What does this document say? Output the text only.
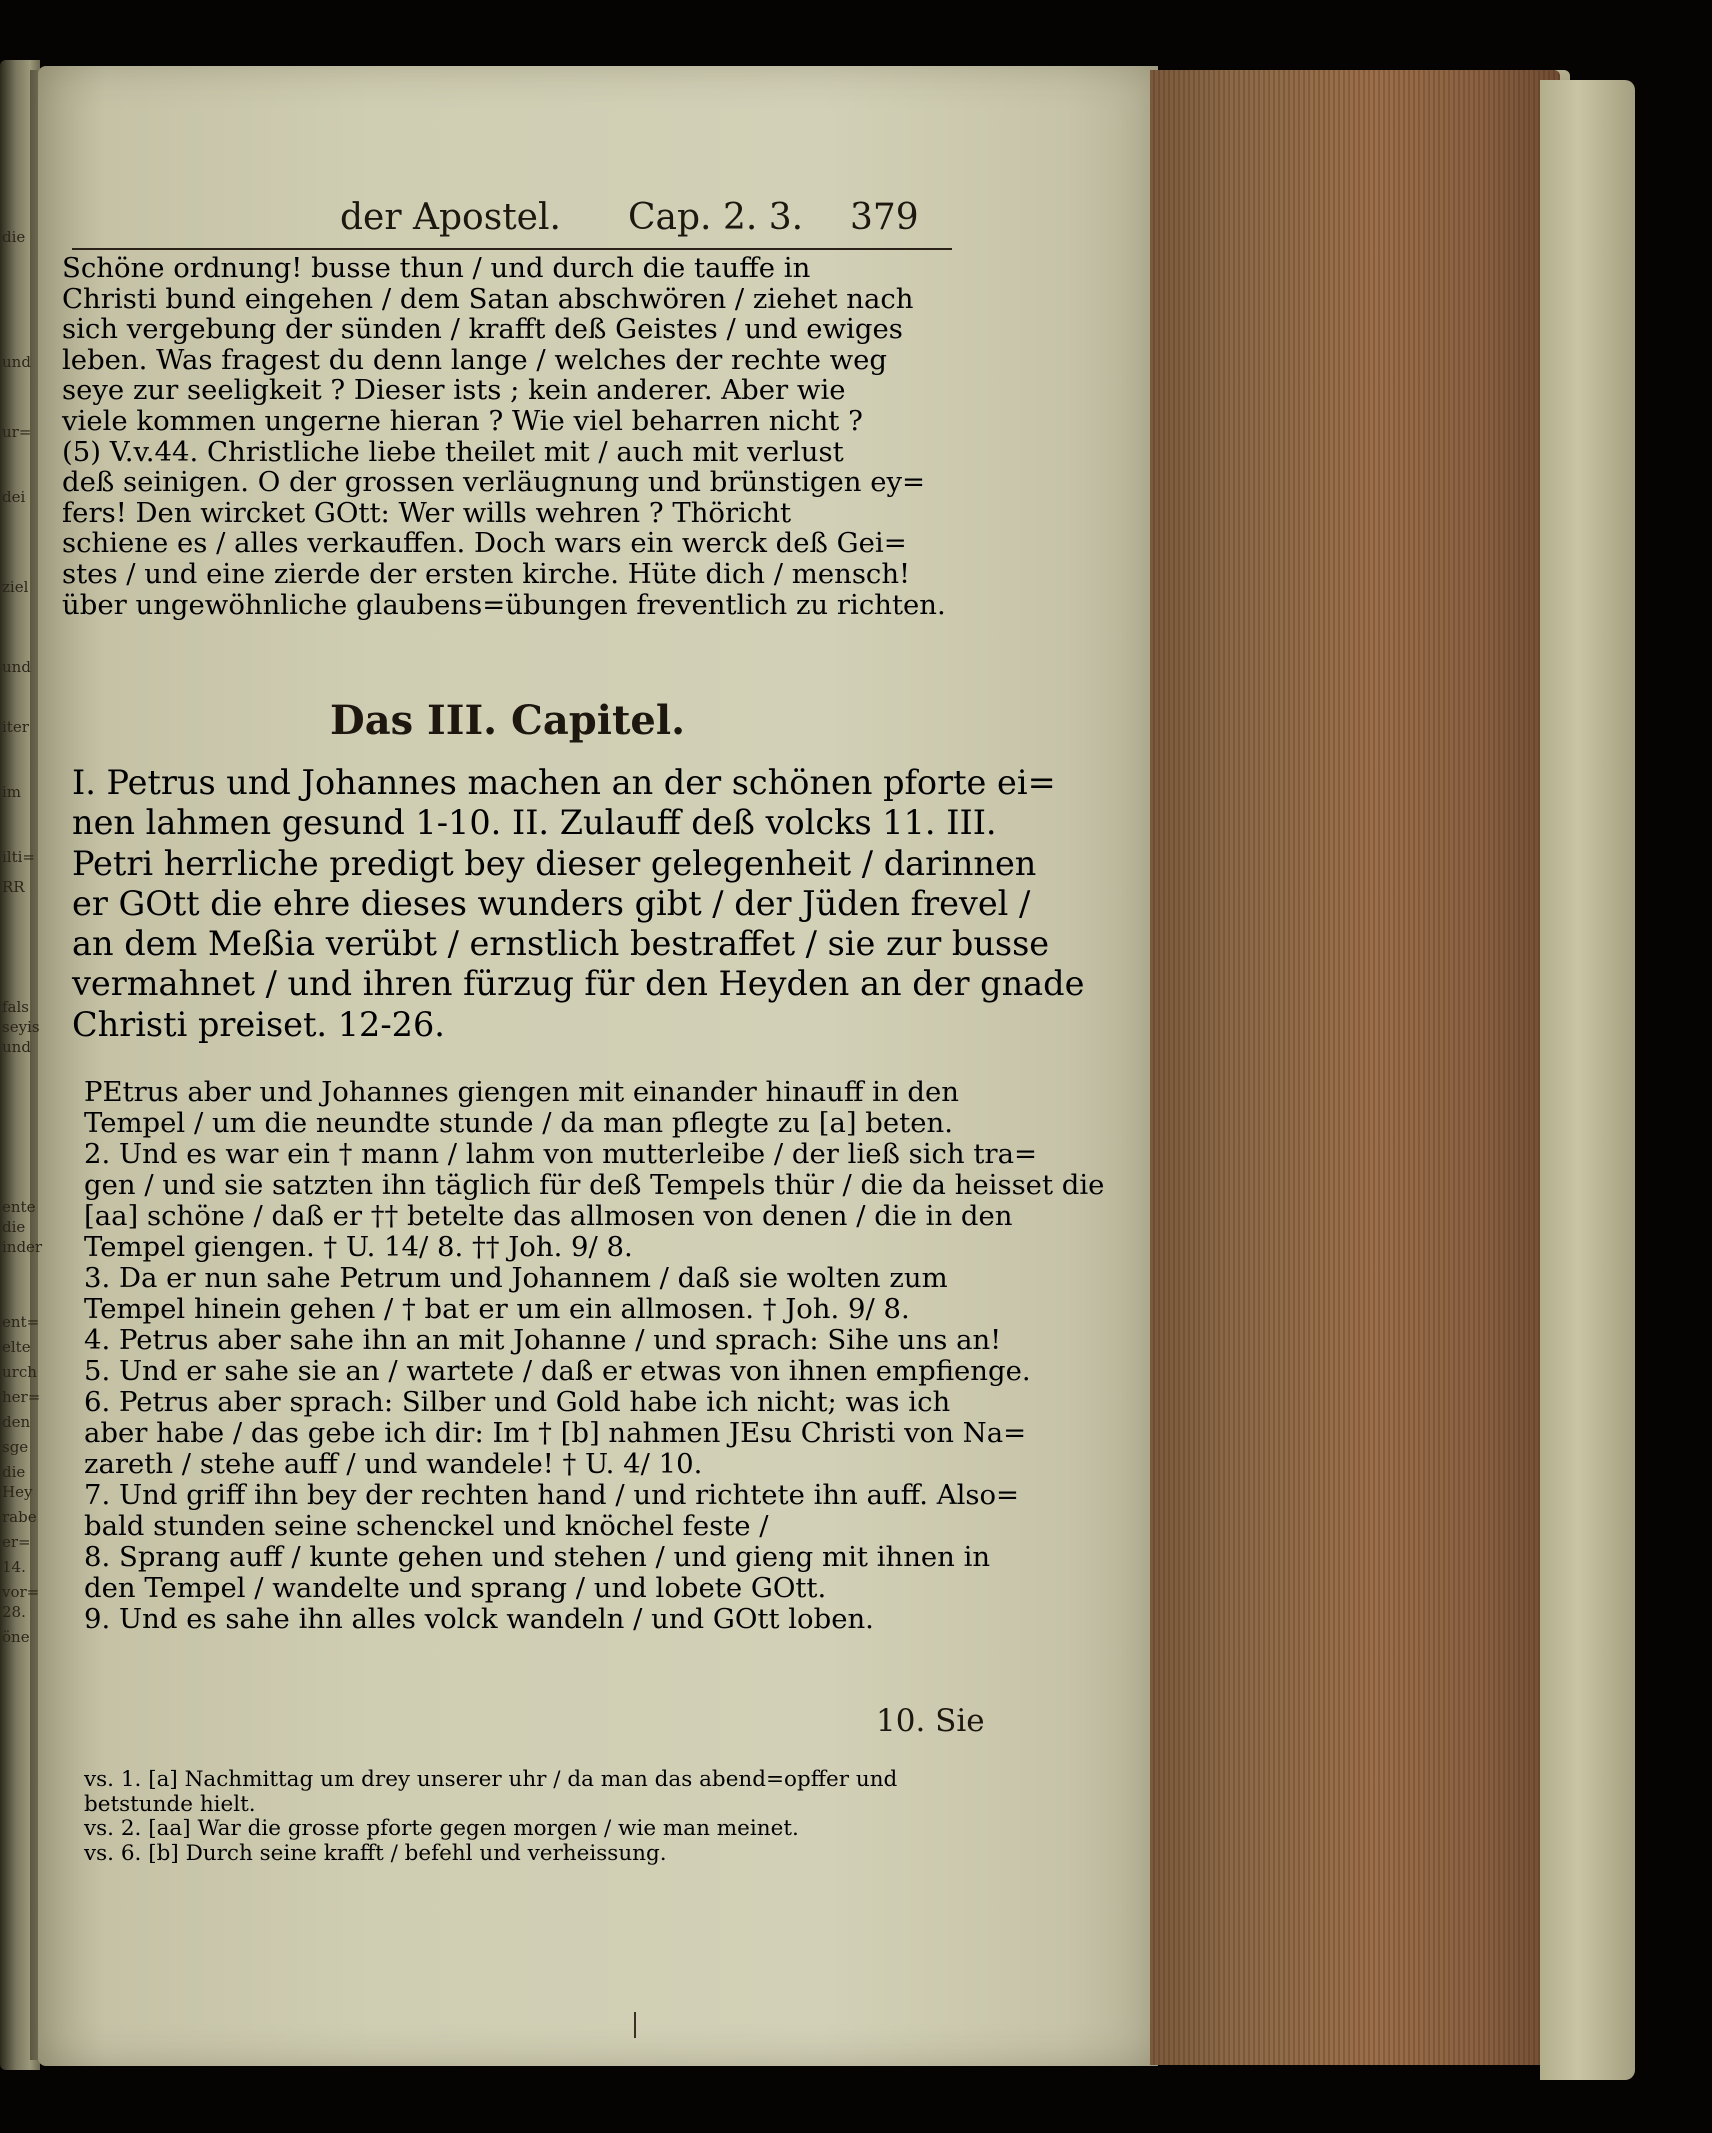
die
und
ur=
dei
ziel
und
iter
im
ilti=
RR
fals
seyis
und
ente
die
inder
ent=
elte
urch
her=
den
sge
die
Hey
rabe
er=
14.
vor=
28.
öne
der Apostel. Cap. 2. 3. 379
Schöne ordnung! busse thun / und durch die tauffe in
Christi bund eingehen / dem Satan abschwören / ziehet nach
sich vergebung der sünden / krafft deß Geistes / und ewiges
leben. Was fragest du denn lange / welches der rechte weg
seye zur seeligkeit ? Dieser ists ; kein anderer. Aber wie
viele kommen ungerne hieran ? Wie viel beharren nicht ?
(5) V.v.44. Christliche liebe theilet mit / auch mit verlust
deß seinigen. O der grossen verläugnung und brünstigen ey=
fers! Den wircket GOtt: Wer wills wehren ? Thöricht
schiene es / alles verkauffen. Doch wars ein werck deß Gei=
stes / und eine zierde der ersten kirche. Hüte dich / mensch!
über ungewöhnliche glaubens=übungen freventlich zu richten.
Das III. Capitel.
I. Petrus und Johannes machen an der schönen pforte ei=
nen lahmen gesund 1-10. II. Zulauff deß volcks 11. III.
Petri herrliche predigt bey dieser gelegenheit / darinnen
er GOtt die ehre dieses wunders gibt / der Jüden frevel /
an dem Meßia verübt / ernstlich bestraffet / sie zur busse
vermahnet / und ihren fürzug für den Heyden an der gnade
Christi preiset. 12-26.
PEtrus aber und Johannes giengen mit einander hinauff in den
Tempel / um die neundte stunde / da man pflegte zu [a] beten.
2. Und es war ein † mann / lahm von mutterleibe / der ließ sich tra=
gen / und sie satzten ihn täglich für deß Tempels thür / die da heisset die
[aa] schöne / daß er †† betelte das allmosen von denen / die in den
Tempel giengen. † U. 14/ 8. †† Joh. 9/ 8.
3. Da er nun sahe Petrum und Johannem / daß sie wolten zum
Tempel hinein gehen / † bat er um ein allmosen. † Joh. 9/ 8.
4. Petrus aber sahe ihn an mit Johanne / und sprach: Sihe uns an!
5. Und er sahe sie an / wartete / daß er etwas von ihnen empfienge.
6. Petrus aber sprach: Silber und Gold habe ich nicht; was ich
aber habe / das gebe ich dir: Im † [b] nahmen JEsu Christi von Na=
zareth / stehe auff / und wandele! † U. 4/ 10.
7. Und griff ihn bey der rechten hand / und richtete ihn auff. Also=
bald stunden seine schenckel und knöchel feste /
8. Sprang auff / kunte gehen und stehen / und gieng mit ihnen in
den Tempel / wandelte und sprang / und lobete GOtt.
9. Und es sahe ihn alles volck wandeln / und GOtt loben.
10. Sie
vs. 1. [a] Nachmittag um drey unserer uhr / da man das abend=opffer und
betstunde hielt.
vs. 2. [aa] War die grosse pforte gegen morgen / wie man meinet.
vs. 6. [b] Durch seine krafft / befehl und verheissung.
